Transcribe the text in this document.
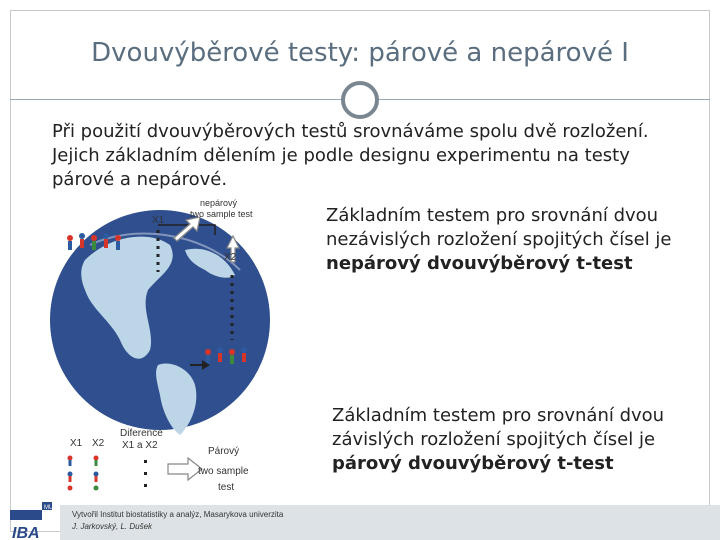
Dvouvýběrové testy: párové a nepárové I
Při použití dvouvýběrových testů srovnáváme spolu dvě rozložení. Jejich základním dělením je podle designu experimentu na testy párové a nepárové.
Základním testem pro srovnání dvou nezávislých rozložení spojitých čísel je nepárový dvouvýběrový t-test
Základním testem pro srovnání dvou závislých rozložení spojitých čísel je párový dvouvýběrový t-test
nepárový
two sample test
X1
X2
Diference
X1 a X2
X1 X2
Párový
two sample
test
Vytvořil Institut biostatistiky a analýz, Masarykova univerzita
J. Jarkovský, L. Dušek
MU
IBA
